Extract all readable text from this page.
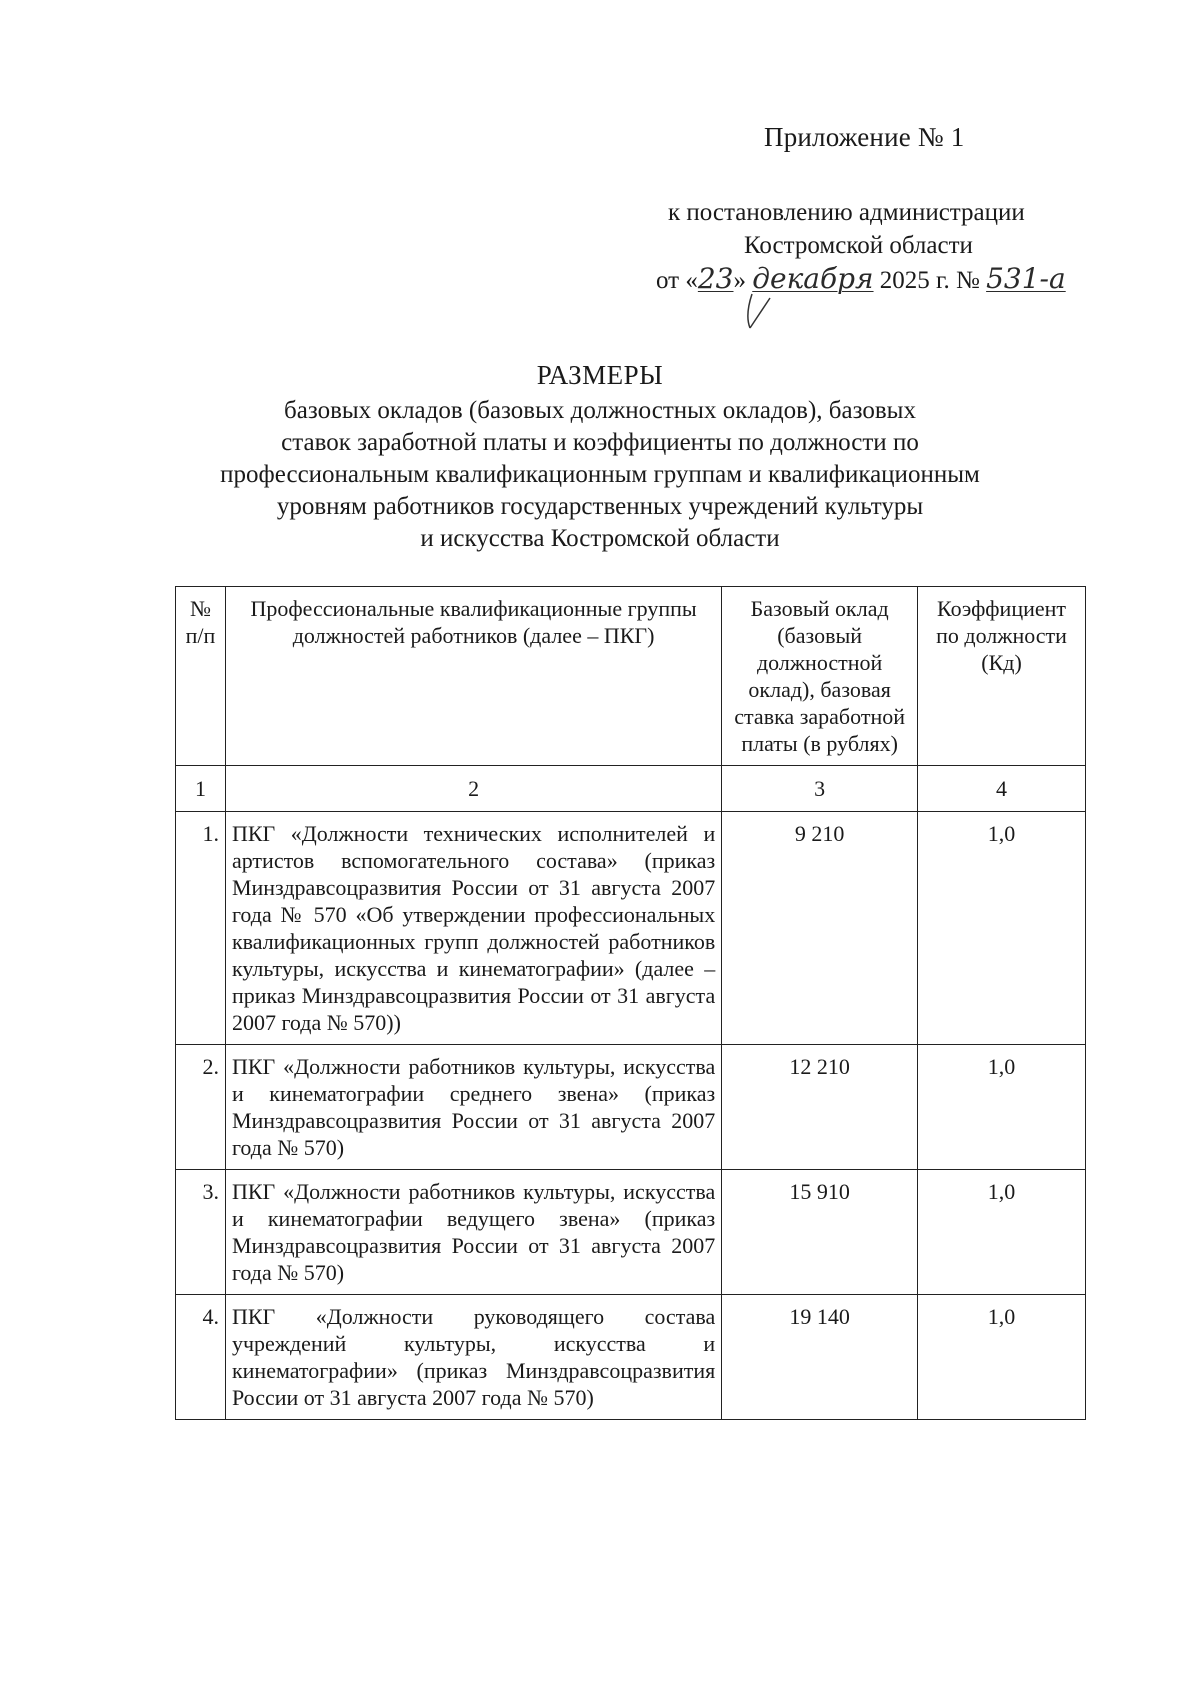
Приложение № 1
к постановлению администрации
Костромской области
от «23» декабря 2025 г. № 531-а
РАЗМЕРЫ
базовых окладов (базовых должностных окладов), базовых
ставок заработной платы и коэффициенты по должности по
профессиональным квалификационным группам и квалификационным
уровням работников государственных учреждений культуры
и искусства Костромской области
№ п/п	Профессиональные квалификационные группы должностей работников (далее – ПКГ)	Базовый оклад (базовый должностной оклад), базовая ставка заработной платы (в рублях)	Коэффициент по должности (Кд)
1	2	3	4
1.	ПКГ «Должности технических исполнителей и артистов вспомогательного состава» (приказ Минздравсоцразвития России от 31 августа 2007 года № 570 «Об утверждении профессиональных квалификационных групп должностей работников культуры, искусства и кинематографии» (далее – приказ Минздравсоцразвития России от 31 августа 2007 года № 570))	9 210	1,0
2.	ПКГ «Должности работников культуры, искусства и кинематографии среднего звена» (приказ Минздравсоцразвития России от 31 августа 2007 года № 570)	12 210	1,0
3.	ПКГ «Должности работников культуры, искусства и кинематографии ведущего звена» (приказ Минздравсоцразвития России от 31 августа 2007 года № 570)	15 910	1,0
4.	ПКГ «Должности руководящего состава учреждений культуры, искусства и кинематографии» (приказ Минздравсоцразвития России от 31 августа 2007 года № 570)	19 140	1,0
